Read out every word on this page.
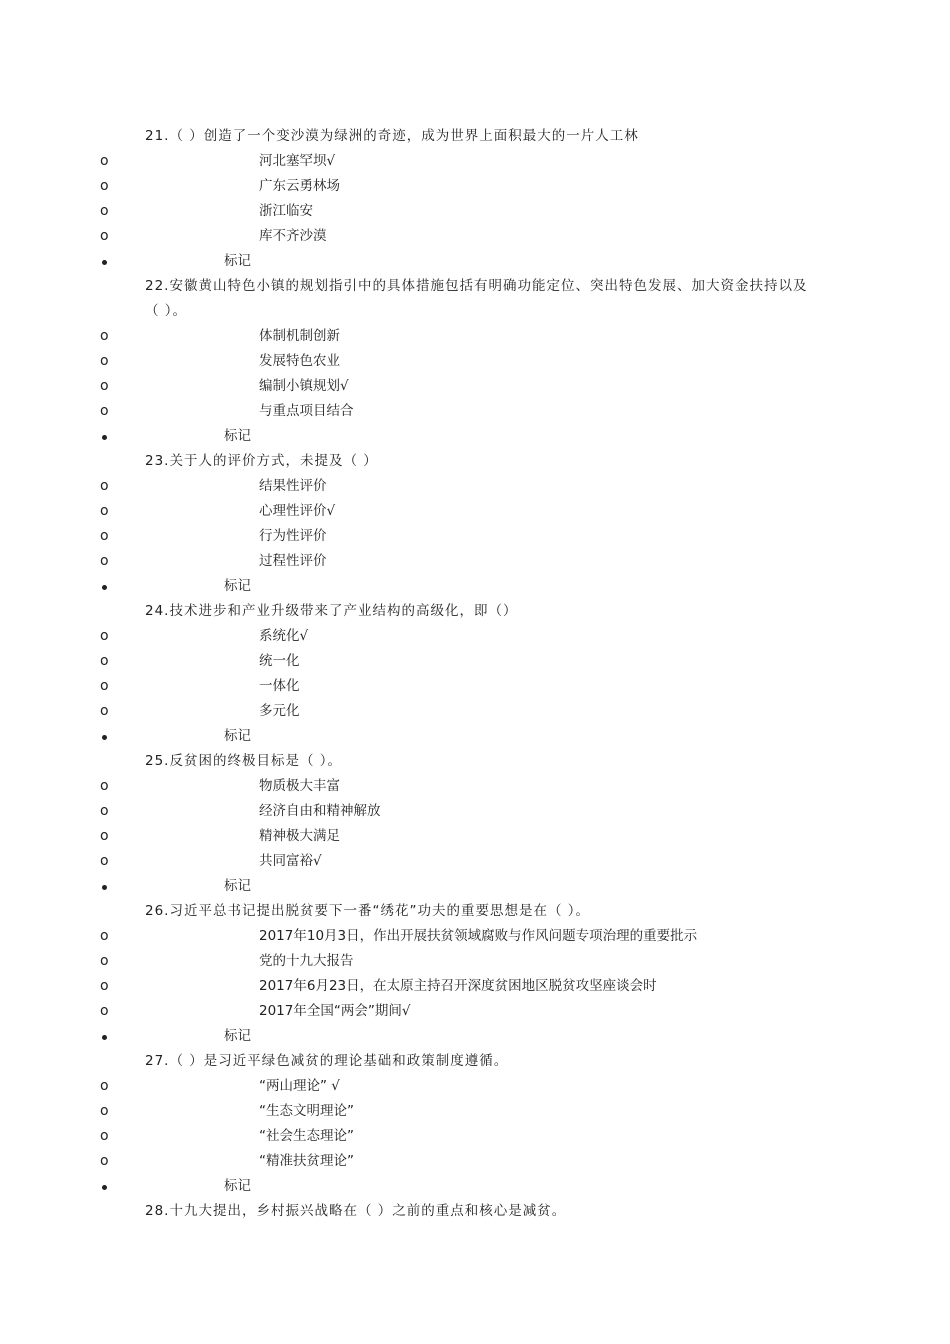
21.（ ）创造了一个变沙漠为绿洲的奇迹，成为世界上面积最大的一片人工林
o	河北塞罕坝√
o	广东云勇林场
o	浙江临安
o	库不齐沙漠
标记
22.安徽黄山特色小镇的规划指引中的具体措施包括有明确功能定位、突出特色发展、加大资金扶持以及（ ）。
o	体制机制创新
o	发展特色农业
o	编制小镇规划√
o	与重点项目结合
标记
23.关于人的评价方式，未提及（ ）
o	结果性评价
o	心理性评价√
o	行为性评价
o	过程性评价
标记
24.技术进步和产业升级带来了产业结构的高级化，即（）
o	系统化√
o	统一化
o	一体化
o	多元化
标记
25.反贫困的终极目标是（ ）。
o	物质极大丰富
o	经济自由和精神解放
o	精神极大满足
o	共同富裕√
标记
26.习近平总书记提出脱贫要下一番“绣花”功夫的重要思想是在（ ）。
o	2017年10月3日，作出开展扶贫领域腐败与作风问题专项治理的重要批示
o	党的十九大报告
o	2017年6月23日，在太原主持召开深度贫困地区脱贫攻坚座谈会时
o	2017年全国“两会”期间√
标记
27.（ ）是习近平绿色减贫的理论基础和政策制度遵循。
o	“两山理论” √
o	“生态文明理论”
o	“社会生态理论”
o	“精准扶贫理论”
标记
28.十九大提出，乡村振兴战略在（ ）之前的重点和核心是减贫。
